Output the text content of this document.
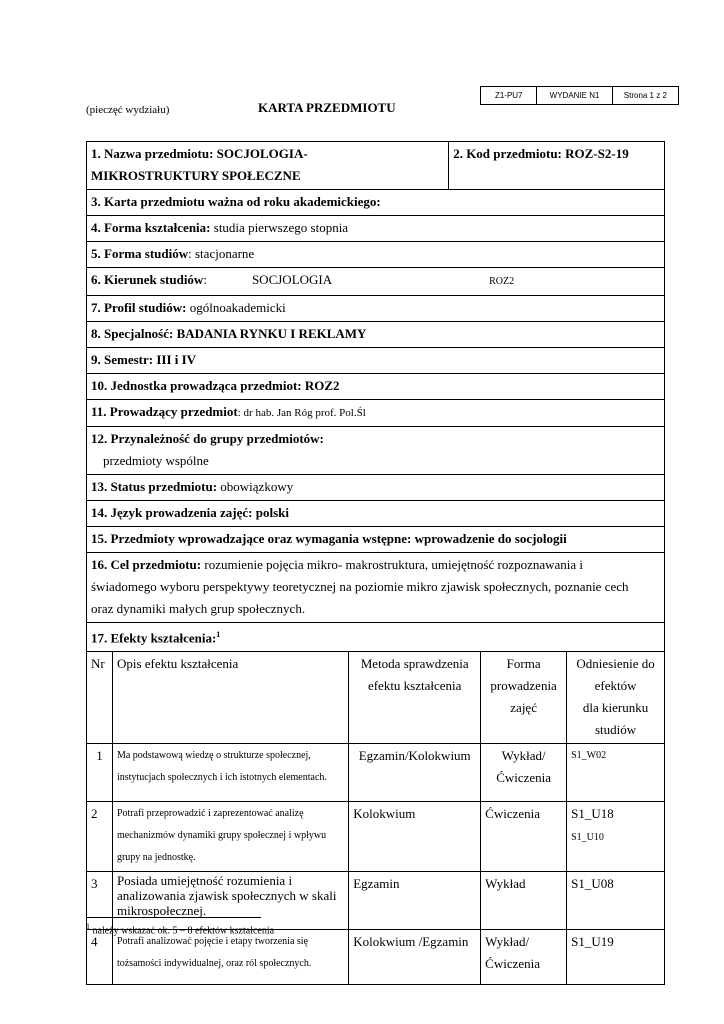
Z1-PU7	WYDANIE N1	Strona 1 z 2
(pieczęć wydziału)	KARTA PRZEDMIOTU
1. Nazwa przedmiotu: SOCJOLOGIA-
MIKROSTRUKTURY SPOŁECZNE			2. Kod przedmiotu: ROZ-S2-19		
3. Karta przedmiotu ważna od roku akademickiego:					
4. Forma kształcenia: studia pierwszego stopnia					
5. Forma studiów: stacjonarne					
6. Kierunek studiów: SOCJOLOGIA ROZ2					
7. Profil studiów: ogólnoakademicki					
8. Specjalność: BADANIA RYNKU I REKLAMY					
9. Semestr: III i IV					
10. Jednostka prowadząca przedmiot: ROZ2					
11. Prowadzący przedmiot: dr hab. Jan Róg prof. Pol.Śl					
12. Przynależność do grupy przedmiotów:
przedmioty wspólne					
13. Status przedmiotu: obowiązkowy					
14. Język prowadzenia zajęć: polski					
15. Przedmioty wprowadzające oraz wymagania wstępne: wprowadzenie do socjologii					
16. Cel przedmiotu: rozumienie pojęcia mikro- makrostruktura, umiejętność rozpoznawania i
świadomego wyboru perspektywy teoretycznej na poziomie mikro zjawisk społecznych, poznanie cech
oraz dynamiki małych grup społecznych.					
17. Efekty kształcenia:$^1$
Nr	Opis efektu kształcenia	Metoda sprawdzenia
efektu kształcenia		Forma
prowadzenia
zajęć	Odniesienie do
efektów
dla kierunku
studiów
1	Ma podstawową wiedzę o strukturze społecznej, instytucjach społecznych i ich istotnych elementach.	Egzamin/Kolokwium		Wykład/
Ćwiczenia	S1_W02
2	Potrafi przeprowadzić i zaprezentować analizę mechanizmów dynamiki grupy społecznej i wpływu grupy na jednostkę.	Kolokwium		Ćwiczenia	S1_U18
S1_U10
3	Posiada umiejętność rozumienia i analizowania zjawisk społecznych w skali mikrospołecznej.	Egzamin		Wykład	S1_U08
4	Potrafi analizować pojęcie i etapy tworzenia się tożsamości indywidualnej, oraz ról społecznych.	Kolokwium /Egzamin		Wykład/
Ćwiczenia	S1_U19
$^1$ należy wskazać ok. 5 – 8 efektów kształcenia
